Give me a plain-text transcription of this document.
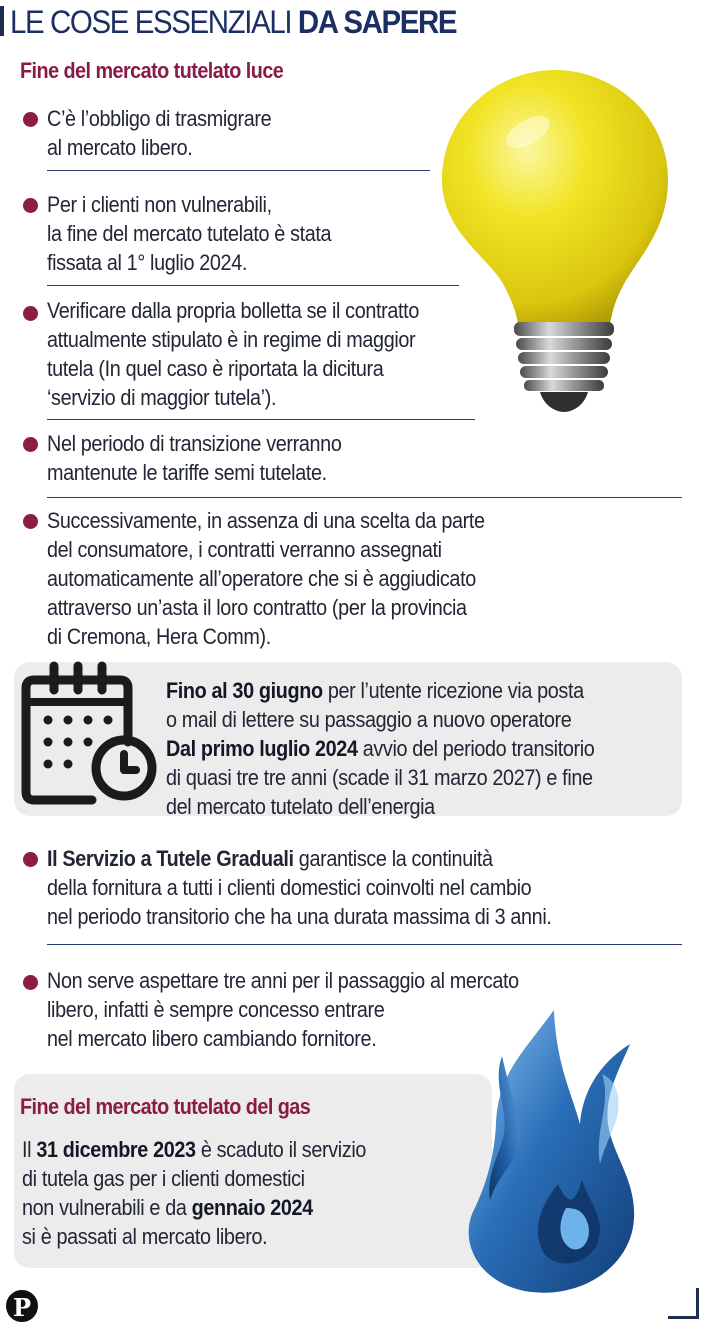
LE COSE ESSENZIALI DA SAPERE
Fine del mercato tutelato luce
C’è l’obbligo di trasmigrare
al mercato libero.
Per i clienti non vulnerabili,
la fine del mercato tutelato è stata
fissata al 1° luglio 2024.
Verificare dalla propria bolletta se il contratto
attualmente stipulato è in regime di maggior
tutela (In quel caso è riportata la dicitura
‘servizio di maggior tutela’).
Nel periodo di transizione verranno
mantenute le tariffe semi tutelate.
Successivamente, in assenza di una scelta da parte
del consumatore, i contratti verranno assegnati
automaticamente all’operatore che si è aggiudicato
attraverso un’asta il loro contratto (per la provincia
di Cremona, Hera Comm).
Fino al 30 giugno per l’utente ricezione via posta
o mail di lettere su passaggio a nuovo operatore
Dal primo luglio 2024 avvio del periodo transitorio
di quasi tre tre anni (scade il 31 marzo 2027) e fine
del mercato tutelato dell’energia
Il Servizio a Tutele Graduali garantisce la continuità
della fornitura a tutti i clienti domestici coinvolti nel cambio
nel periodo transitorio che ha una durata massima di 3 anni.
Non serve aspettare tre anni per il passaggio al mercato
libero, infatti è sempre concesso entrare
nel mercato libero cambiando fornitore.
Fine del mercato tutelato del gas
Il 31 dicembre 2023 è scaduto il servizio
di tutela gas per i clienti domestici
non vulnerabili e da gennaio 2024
si è passati al mercato libero.
P
